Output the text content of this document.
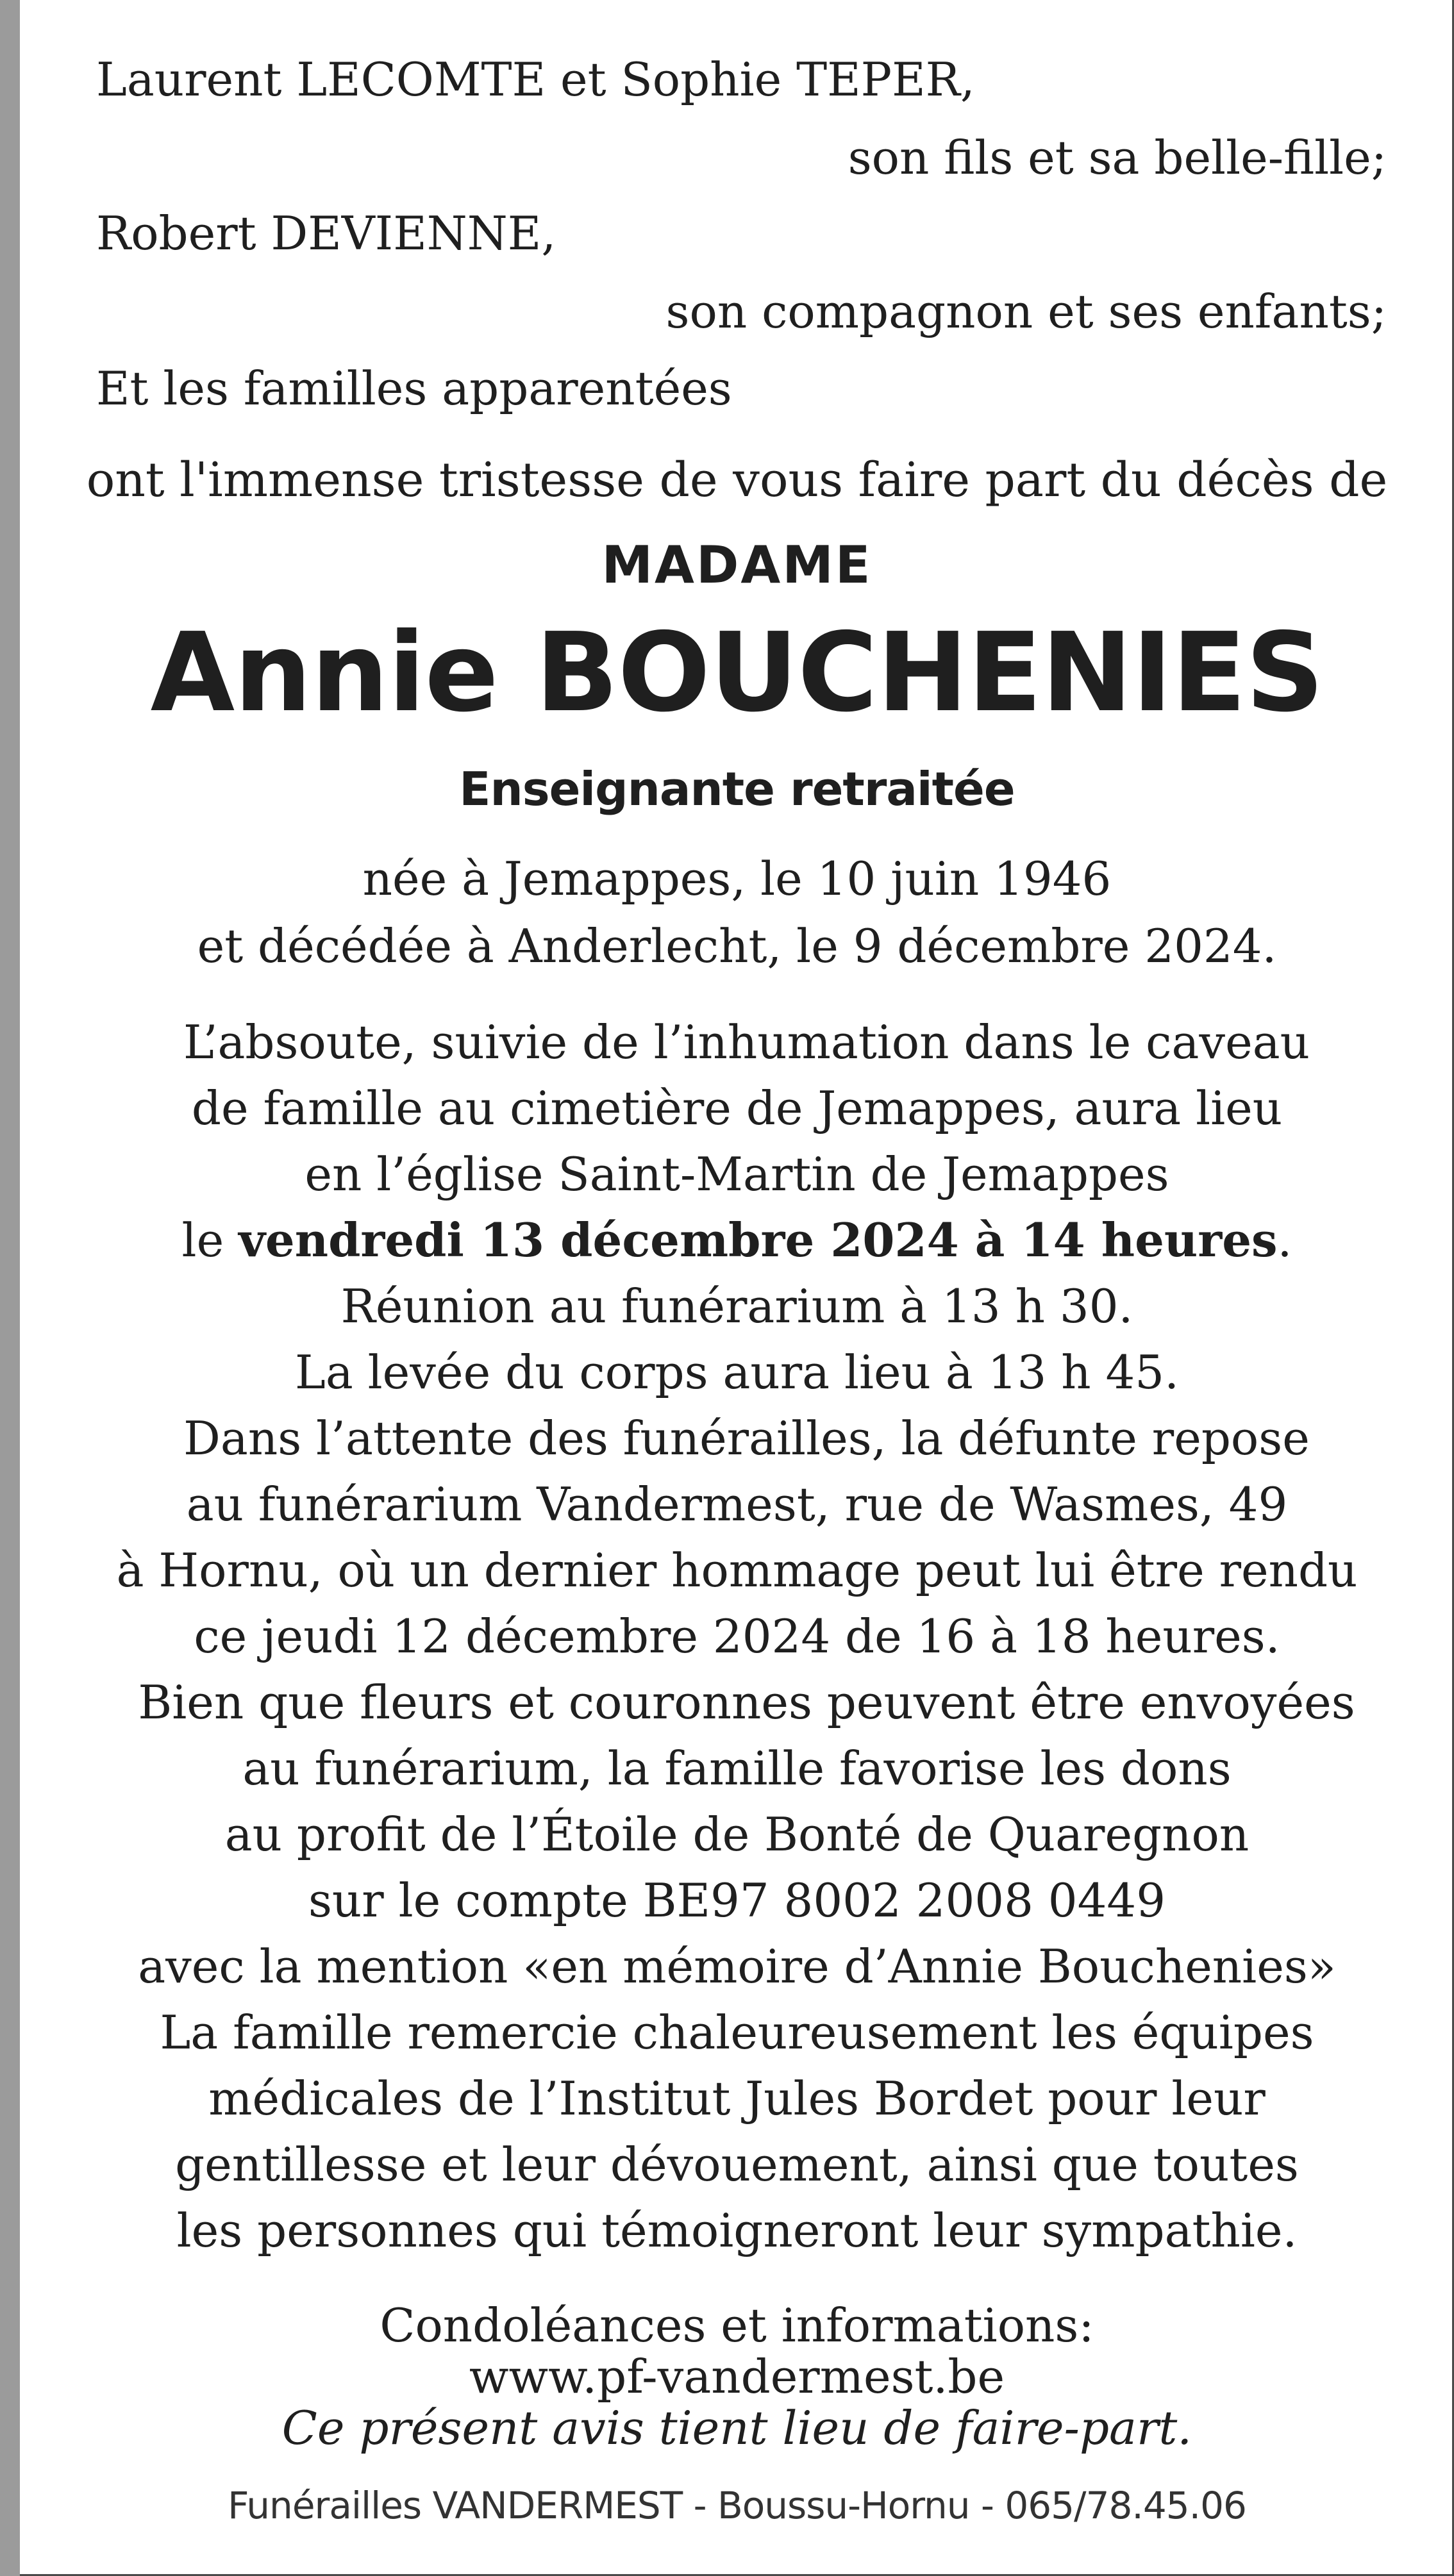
Laurent LECOMTE et Sophie TEPER,
son fils et sa belle-fille;
Robert DEVIENNE,
son compagnon et ses enfants;
Et les familles apparentées
ont l'immense tristesse de vous faire part du décès de
MADAME
Annie BOUCHENIES
Enseignante retraitée
née à Jemappes, le 10 juin 1946
et décédée à Anderlecht, le 9 décembre 2024.
L’absoute, suivie de l’inhumation dans le caveau
de famille au cimetière de Jemappes, aura lieu
en l’église Saint-Martin de Jemappes
le vendredi 13 décembre 2024 à 14 heures.
Réunion au funérarium à 13 h 30.
La levée du corps aura lieu à 13 h 45.
Dans l’attente des funérailles, la défunte repose
au funérarium Vandermest, rue de Wasmes, 49
à Hornu, où un dernier hommage peut lui être rendu
ce jeudi 12 décembre 2024 de 16 à 18 heures.
Bien que fleurs et couronnes peuvent être envoyées
au funérarium, la famille favorise les dons
au profit de l’Étoile de Bonté de Quaregnon
sur le compte BE97 8002 2008 0449
avec la mention «en mémoire d’Annie Bouchenies»
La famille remercie chaleureusement les équipes
médicales de l’Institut Jules Bordet pour leur
gentillesse et leur dévouement, ainsi que toutes
les personnes qui témoigneront leur sympathie.
Condoléances et informations:
www.pf-vandermest.be
Ce présent avis tient lieu de faire-part.
Funérailles VANDERMEST - Boussu-Hornu - 065/78.45.06
